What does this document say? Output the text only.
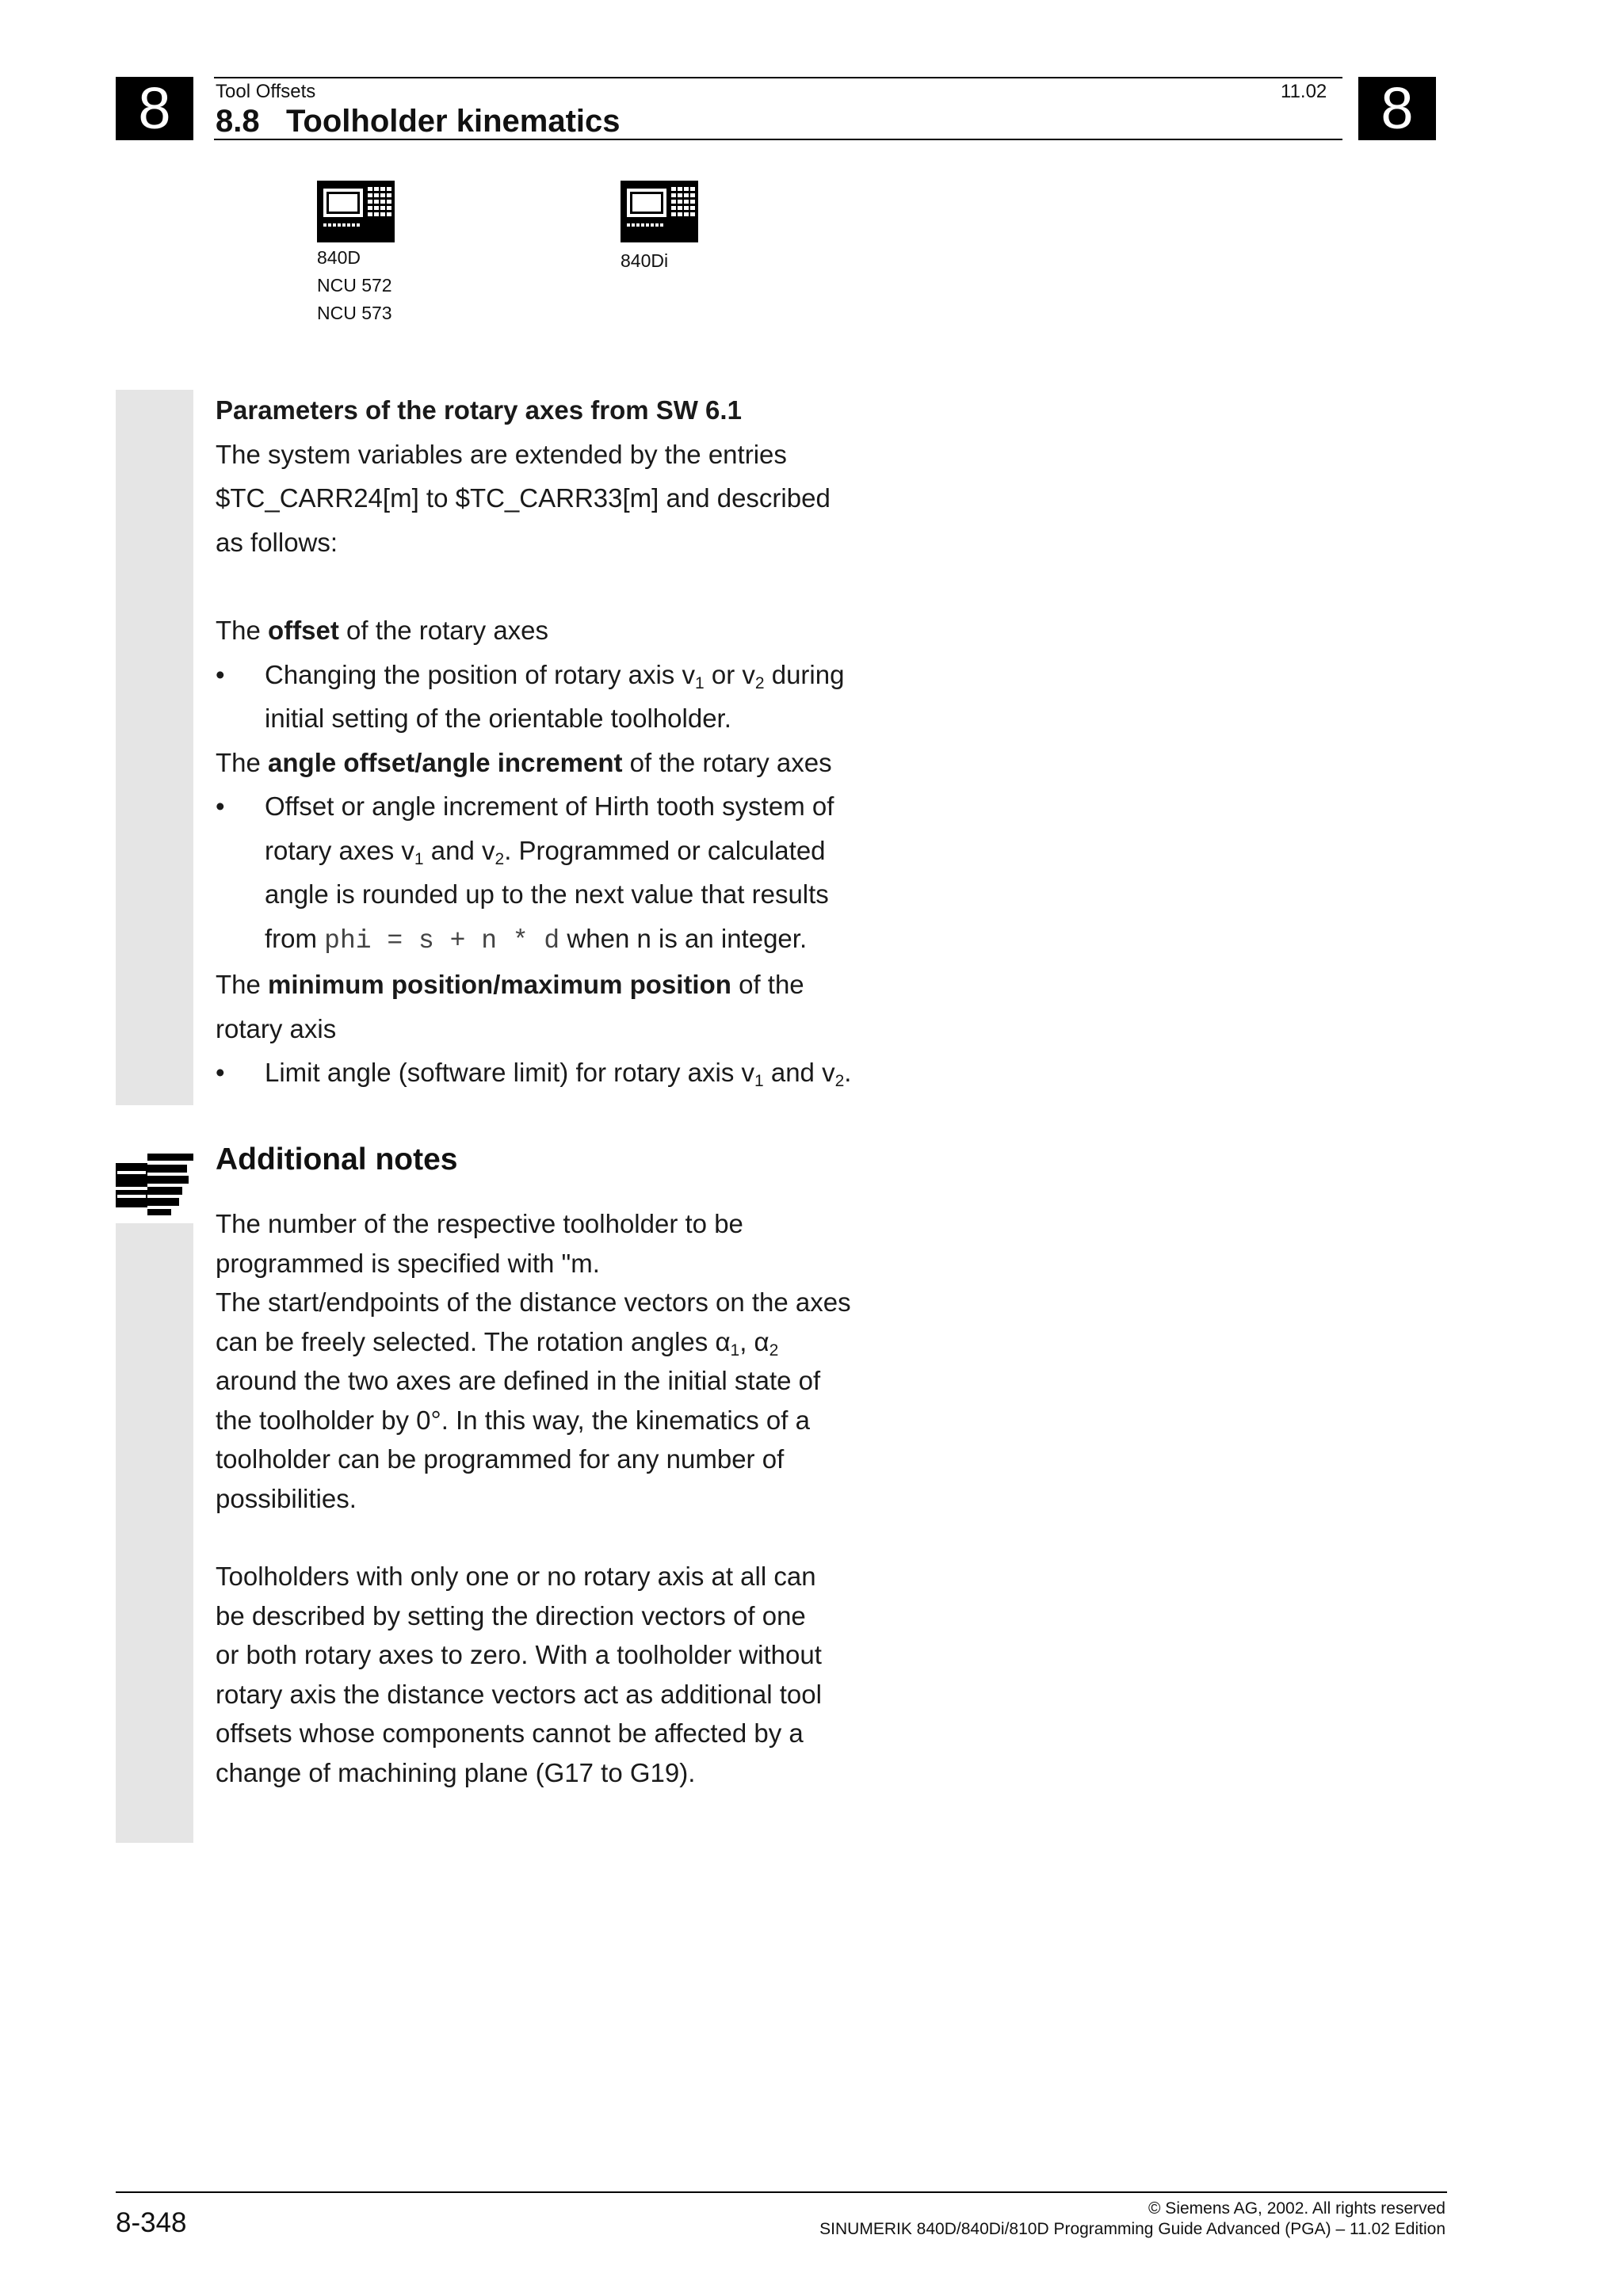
8	8
Tool Offsets	11.02
8.8   Toolholder kinematics
840D
NCU 572
NCU 573
840Di

Parameters of the rotary axes from SW 6.1

The system variables are extended by the entries

$TC_CARR24[m] to $TC_CARR33[m] and described

as follows:

The offset of the rotary axes

• Changing the position of rotary axis $v_1$ or $v_2$ during

initial setting of the orientable toolholder.

The angle offset/angle increment of the rotary axes

• Offset or angle increment of Hirth tooth system of

rotary axes $v_1$ and $v_2$. Programmed or calculated

angle is rounded up to the next value that results

from phi = s + n * d when n is an integer.

The minimum position/maximum position of the

rotary axis

• Limit angle (software limit) for rotary axis $v_1$ and $v_2$.

Additional notes

The number of the respective toolholder to be

programmed is specified with "m.

The start/endpoints of the distance vectors on the axes

can be freely selected. The rotation angles $\alpha_1$, $\alpha_2$

around the two axes are defined in the initial state of

the toolholder by 0°. In this way, the kinematics of a

toolholder can be programmed for any number of

possibilities.

Toolholders with only one or no rotary axis at all can

be described by setting the direction vectors of one

or both rotary axes to zero. With a toolholder without

rotary axis the distance vectors act as additional tool

offsets whose components cannot be affected by a

change of machining plane (G17 to G19).

8-348	© Siemens AG, 2002. All rights reserved
SINUMERIK 840D/840Di/810D Programming Guide Advanced (PGA) – 11.02 Edition
